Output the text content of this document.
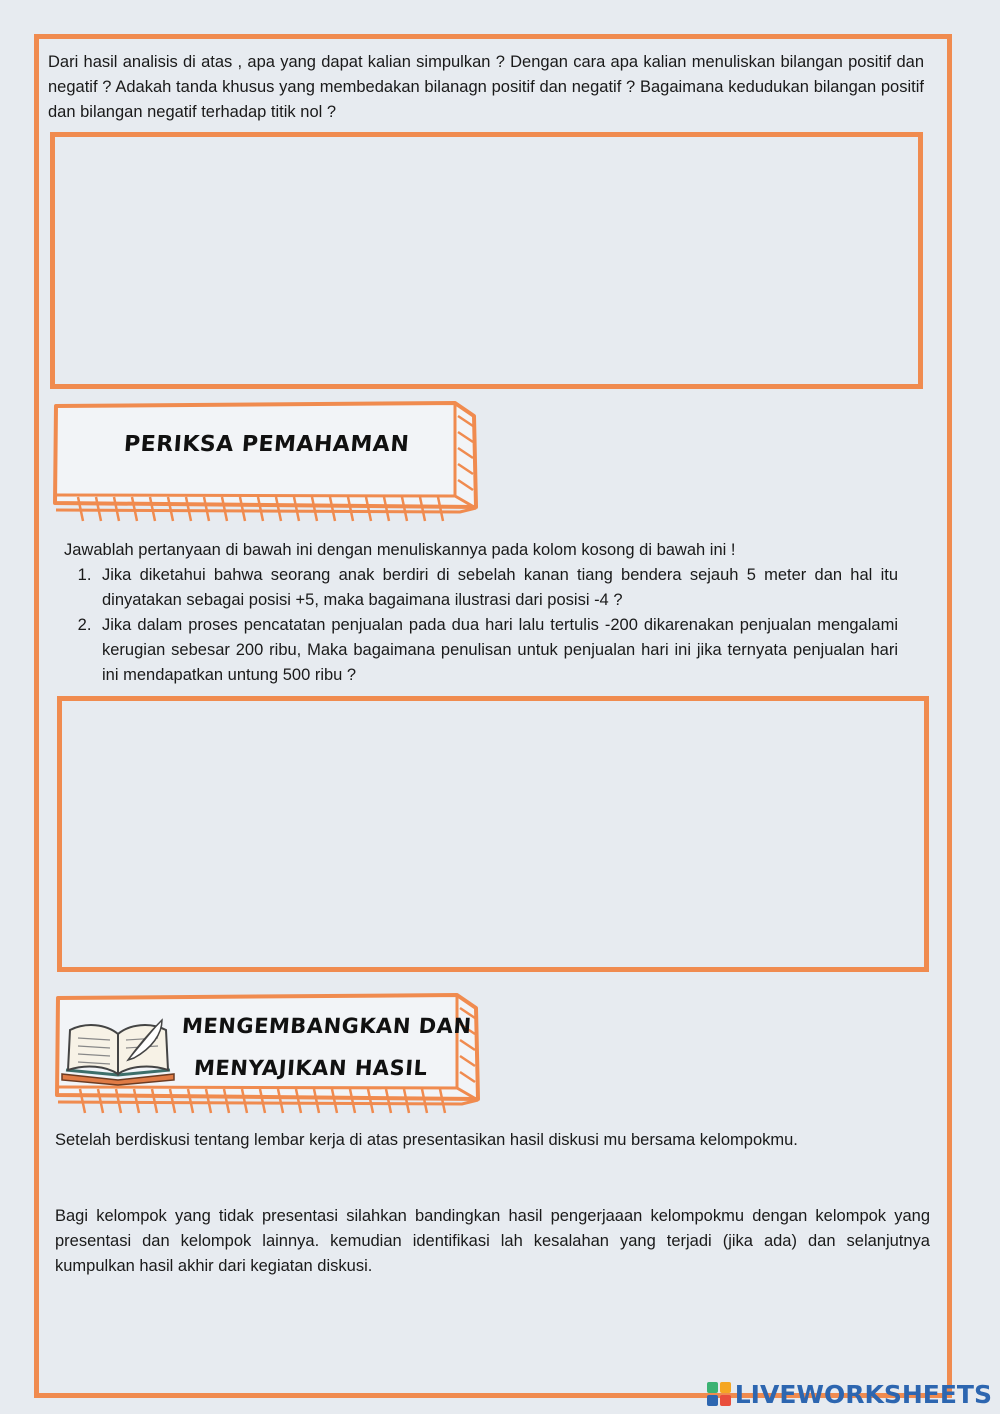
Dari hasil analisis di atas , apa yang dapat kalian simpulkan ? Dengan cara apa kalian menuliskan bilangan positif dan negatif ? Adakah tanda khusus yang membedakan bilanagn positif dan negatif ? Bagaimana kedudukan bilangan positif dan bilangan negatif terhadap titik nol ?
PERIKSA PEMAHAMAN
Jawablah pertanyaan di bawah ini dengan menuliskannya pada kolom kosong di bawah ini !
1. Jika diketahui bahwa seorang anak berdiri di sebelah kanan tiang bendera sejauh 5 meter dan hal itu dinyatakan sebagai posisi +5, maka bagaimana ilustrasi dari posisi -4 ?
2. Jika dalam proses pencatatan penjualan pada dua hari lalu tertulis -200 dikarenakan penjualan mengalami kerugian sebesar 200 ribu, Maka bagaimana penulisan untuk penjualan hari ini jika ternyata penjualan hari ini mendapatkan untung 500 ribu ?
MENGEMBANGKAN DAN
MENYAJIKAN HASIL
Setelah berdiskusi tentang lembar kerja di atas presentasikan hasil diskusi mu bersama kelompokmu.
Bagi kelompok yang tidak presentasi silahkan bandingkan hasil pengerjaaan kelompokmu dengan kelompok yang presentasi dan kelompok lainnya. kemudian identifikasi lah kesalahan yang terjadi (jika ada) dan selanjutnya kumpulkan hasil akhir dari kegiatan diskusi.
LIVEWORKSHEETS
